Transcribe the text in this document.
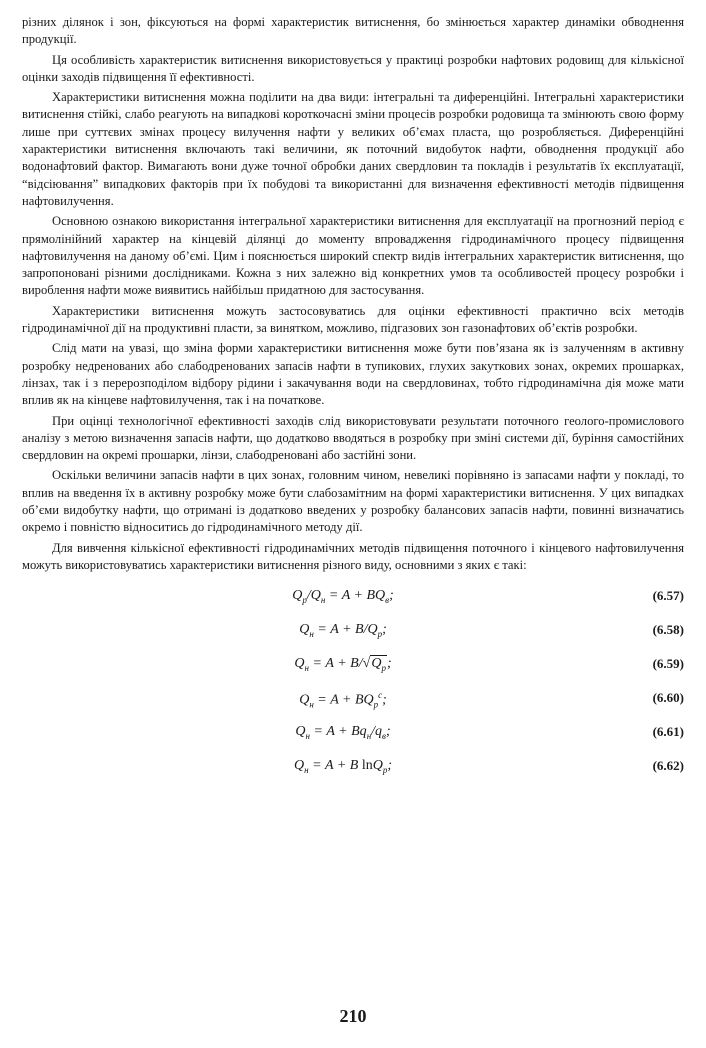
різних ділянок і зон, фіксуються на формі характеристик витиснення, бо змінюється характер динаміки обводнення продукції.

Ця особливість характеристик витиснення використовується у практиці розробки нафтових родовищ для кількісної оцінки заходів підвищення її ефективності.

Характеристики витиснення можна поділити на два види: інтегральні та диференційні. Інтегральні характеристики витиснення стійкі, слабо реагують на випадкові короткочасні зміни процесів розробки родовища та змінюють свою форму лише при суттєвих змінах процесу вилучення нафти у великих об’ємах пласта, що розробляється. Диференційні характеристики витиснення включають такі величини, як поточний видобуток нафти, обводнення продукції або водонафтовий фактор. Вимагають вони дуже точної обробки даних свердловин та покладів і результатів їх експлуатації, “відсіювання” випадкових факторів при їх побудові та використанні для визначення ефективності методів підвищення нафтовилучення.

Основною ознакою використання інтегральної характеристики витиснення для експлуатації на прогнозний період є прямолінійний характер на кінцевій ділянці до моменту впровадження гідродинамічного процесу підвищення нафтовилучення на даному об’ємі. Цим і пояснюється широкий спектр видів інтегральних характеристик витиснення, що запропоновані різними дослідниками. Кожна з них залежно від конкретних умов та особливостей процесу розробки і вироблення нафти може виявитись найбільш придатною для застосування.

Характеристики витиснення можуть застосовуватись для оцінки ефективності практично всіх методів гідродинамічної дії на продуктивні пласти, за винятком, можливо, підгазових зон газонафтових об’єктів розробки.

Слід мати на увазі, що зміна форми характеристики витиснення може бути пов’язана як із залученням в активну розробку недренованих або слабодренованих запасів нафти в тупикових, глухих закуткових зонах, окремих прошарках, лінзах, так і з перерозподілом відбору рідини і закачування води на свердловинах, тобто гідродинамічна дія може мати вплив як на кінцеве нафтовилучення, так і на початкове.

При оцінці технологічної ефективності заходів слід використовувати результати поточного геолого-промислового аналізу з метою визначення запасів нафти, що додатково вводяться в розробку при зміні системи дії, буріння самостійних свердловин на окремі прошарки, лінзи, слабодреновані або застійні зони.

Оскільки величини запасів нафти в цих зонах, головним чином, невеликі порівняно із запасами нафти у покладі, то вплив на введення їх в активну розробку може бути слабозамітним на формі характеристики витиснення. У цих випадках об’єми видобутку нафти, що отримані із додатково введених у розробку балансових запасів нафти, повинні визначатись окремо і повністю відноситись до гідродинамічного методу дії.

Для вивчення кількісної ефективності гідродинамічних методів підвищення поточного і кінцевого нафтовилучення можуть використовуватись характеристики витиснення різного виду, основними з яких є такі:

$Q_р/Q_н = A + BQ_в$;	(6.57)
$Q_н = A + B/Q_р$;	(6.58)
$Q_н = A + B/√Q_р$;	(6.59)
$Q_н = A + BQ_р^c$;	(6.60)
$Q_н = A + Bq_н/q_в$;	(6.61)
$Q_н = A + B$ lnQ$_р$;	(6.62)
210
